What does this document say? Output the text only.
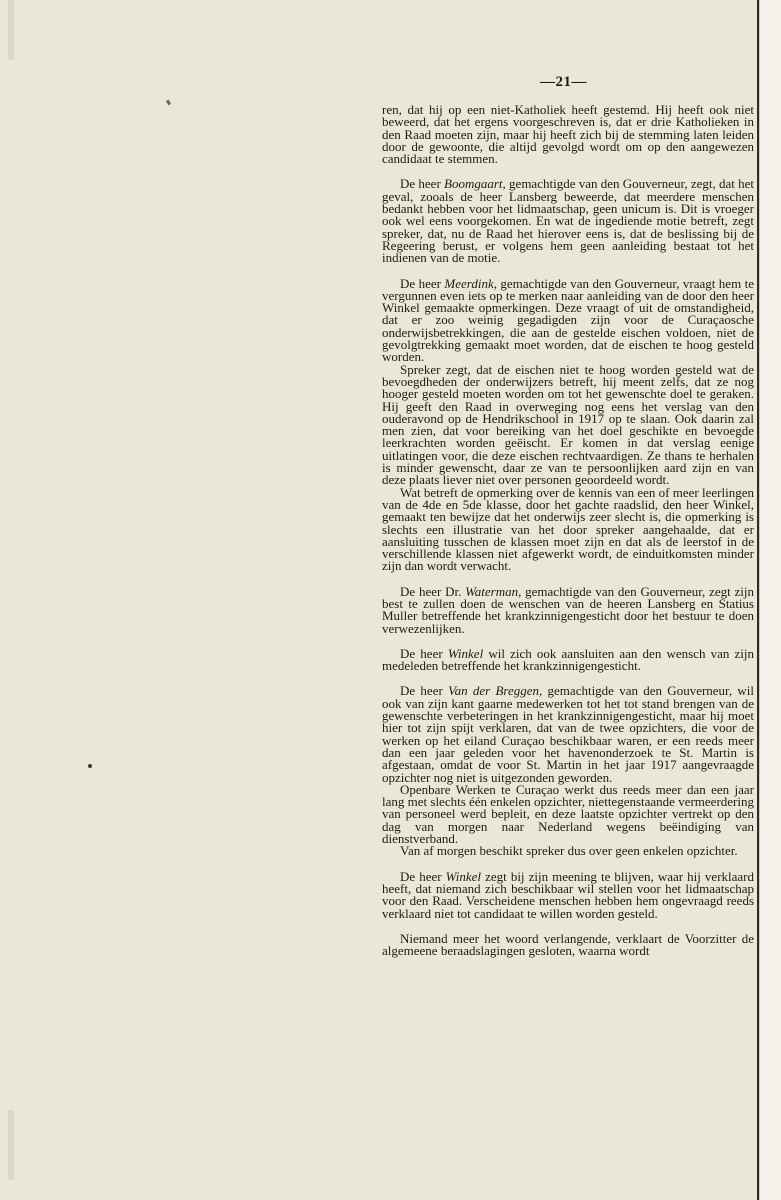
—21—

ren, dat hij op een niet-Katholiek heeft gestemd. Hij heeft ook niet beweerd, dat het ergens voorgeschreven is, dat er drie Katholieken in den Raad moeten zijn, maar hij heeft zich bij de stemming laten leiden door de gewoonte, die altijd gevolgd wordt om op den aangewezen candidaat te stemmen.

De heer Boomgaart, gemachtigde van den Gouverneur, zegt, dat het geval, zooals de heer Lansberg beweerde, dat meerdere menschen bedankt hebben voor het lidmaatschap, geen unicum is. Dit is vroeger ook wel eens voorgekomen. En wat de ingediende motie betreft, zegt spreker, dat, nu de Raad het hierover eens is, dat de beslissing bij de Regeering berust, er volgens hem geen aanleiding bestaat tot het indienen van de motie.

De heer Meerdink, gemachtigde van den Gouverneur, vraagt hem te vergunnen even iets op te merken naar aanleiding van de door den heer Winkel gemaakte opmerkingen. Deze vraagt of uit de omstandigheid, dat er zoo weinig gegadigden zijn voor de Curaçaosche onderwijsbetrekkingen, die aan de gestelde eischen voldoen, niet de gevolgtrekking gemaakt moet worden, dat de eischen te hoog gesteld worden.

Spreker zegt, dat de eischen niet te hoog worden gesteld wat de bevoegdheden der onderwijzers betreft, hij meent zelfs, dat ze nog hooger gesteld moeten worden om tot het gewenschte doel te geraken. Hij geeft den Raad in overweging nog eens het verslag van den ouderavond op de Hendrikschool in 1917 op te slaan. Ook daarin zal men zien, dat voor bereiking van het doel geschikte en bevoegde leerkrachten worden geëischt. Er komen in dat verslag eenige uitlatingen voor, die deze eischen rechtvaardigen. Ze thans te herhalen is minder gewenscht, daar ze van te persoonlijken aard zijn en van deze plaats liever niet over personen geoordeeld wordt.

Wat betreft de opmerking over de kennis van een of meer leerlingen van de 4de en 5de klasse, door het gachte raadslid, den heer Winkel, gemaakt ten bewijze dat het onderwijs zeer slecht is, die opmerking is slechts een illustratie van het door spreker aangehaalde, dat er aansluiting tusschen de klassen moet zijn en dat als de leerstof in de verschillende klassen niet afgewerkt wordt, de einduitkomsten minder zijn dan wordt verwacht.

De heer Dr. Waterman, gemachtigde van den Gouverneur, zegt zijn best te zullen doen de wenschen van de heeren Lansberg en Statius Muller betreffende het krankzinnigengesticht door het bestuur te doen verwezenlijken.

De heer Winkel wil zich ook aansluiten aan den wensch van zijn medeleden betreffende het krankzinnigengesticht.

De heer Van der Breggen, gemachtigde van den Gouverneur, wil ook van zijn kant gaarne medewerken tot het tot stand brengen van de gewenschte verbeteringen in het krankzinnigengesticht, maar hij moet hier tot zijn spijt verklaren, dat van de twee opzichters, die voor de werken op het eiland Curaçao beschikbaar waren, er een reeds meer dan een jaar geleden voor het havenonderzoek te St. Martin is afgestaan, omdat de voor St. Martin in het jaar 1917 aangevraagde opzichter nog niet is uitgezonden geworden.

Openbare Werken te Curaçao werkt dus reeds meer dan een jaar lang met slechts één enkelen opzichter, niettegenstaande vermeerdering van personeel werd bepleit, en deze laatste opzichter vertrekt op den dag van morgen naar Nederland wegens beëindiging van dienstverband.

Van af morgen beschikt spreker dus over geen enkelen opzichter.

De heer Winkel zegt bij zijn meening te blijven, waar hij verklaard heeft, dat niemand zich beschikbaar wil stellen voor het lidmaatschap voor den Raad. Verscheidene menschen hebben hem ongevraagd reeds verklaard niet tot candidaat te willen worden gesteld.

Niemand meer het woord verlangende, verklaart de Voorzitter de algemeene beraadslagingen gesloten, waarna wordt
